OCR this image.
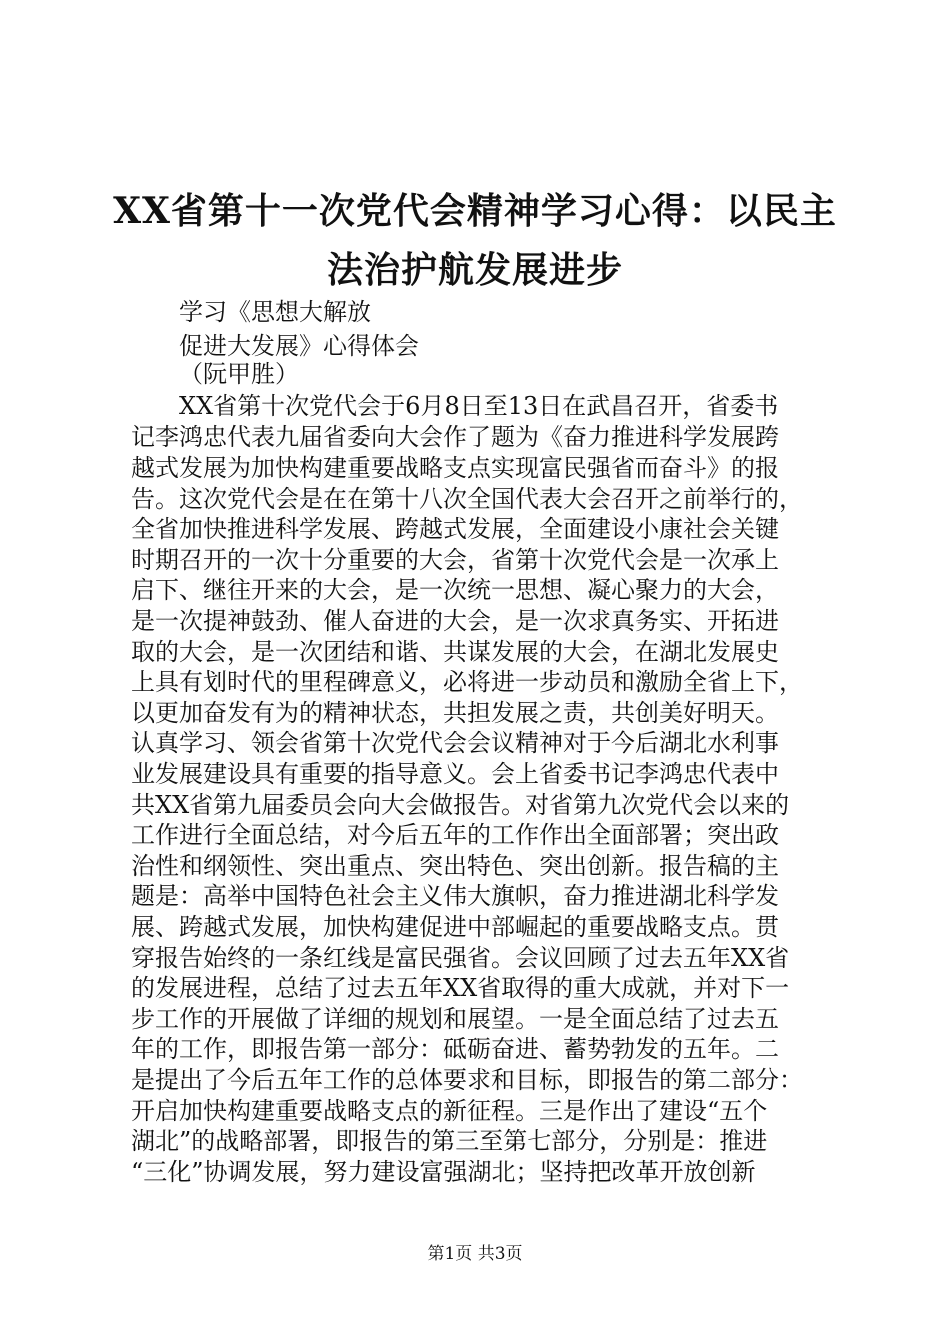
XX省第十一次党代会精神学习心得：以民主
法治护航发展进步
学习《思想大解放
促进大发展》心得体会
（阮甲胜）
XX省第十次党代会于6月8日至13日在武昌召开，省委书
记李鸿忠代表九届省委向大会作了题为《奋力推进科学发展跨
越式发展为加快构建重要战略支点实现富民强省而奋斗》的报
告。这次党代会是在在第十八次全国代表大会召开之前举行的，
全省加快推进科学发展、跨越式发展，全面建设小康社会关键
时期召开的一次十分重要的大会，省第十次党代会是一次承上
启下、继往开来的大会，是一次统一思想、凝心聚力的大会，
是一次提神鼓劲、催人奋进的大会，是一次求真务实、开拓进
取的大会，是一次团结和谐、共谋发展的大会，在湖北发展史
上具有划时代的里程碑意义，必将进一步动员和激励全省上下，
以更加奋发有为的精神状态，共担发展之责，共创美好明天。
认真学习、领会省第十次党代会会议精神对于今后湖北水利事
业发展建设具有重要的指导意义。会上省委书记李鸿忠代表中
共XX省第九届委员会向大会做报告。对省第九次党代会以来的
工作进行全面总结，对今后五年的工作作出全面部署；突出政
治性和纲领性、突出重点、突出特色、突出创新。报告稿的主
题是：高举中国特色社会主义伟大旗帜，奋力推进湖北科学发
展、跨越式发展，加快构建促进中部崛起的重要战略支点。贯
穿报告始终的一条红线是富民强省。会议回顾了过去五年XX省
的发展进程，总结了过去五年XX省取得的重大成就，并对下一
步工作的开展做了详细的规划和展望。一是全面总结了过去五
年的工作，即报告第一部分：砥砺奋进、蓄势勃发的五年。二
是提出了今后五年工作的总体要求和目标，即报告的第二部分：
开启加快构建重要战略支点的新征程。三是作出了建设“五个
湖北”的战略部署，即报告的第三至第七部分，分别是：推进
“三化”协调发展，努力建设富强湖北；坚持把改革开放创新
第1页 共3页
